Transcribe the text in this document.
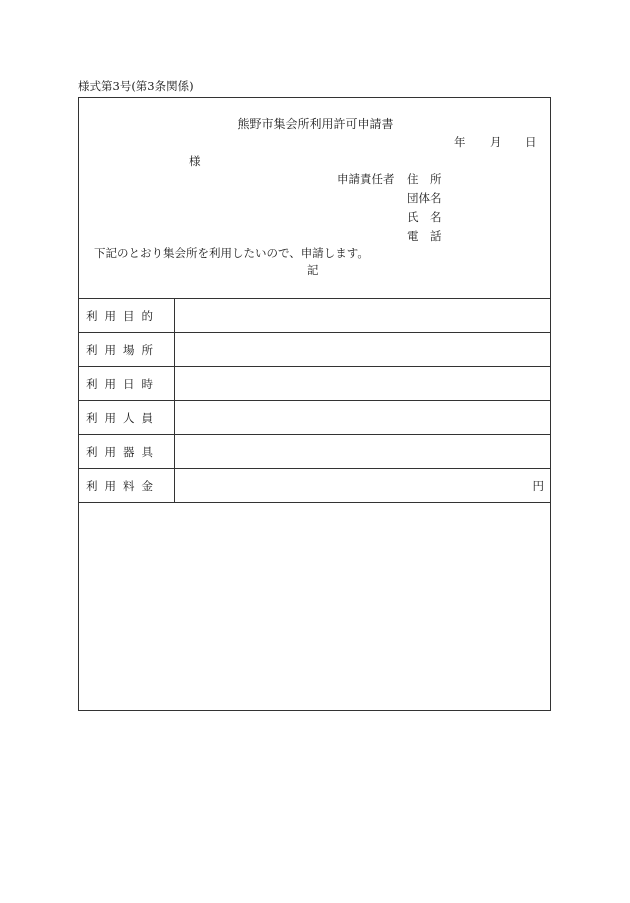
様式第3号(第3条関係)
熊野市集会所利用許可申請書
年 月 日
様
申請責任者 住　所
団体名
氏　名
電　話
下記のとおり集会所を利用したいので、申請します。
記
利 用 目 的	
利 用 場 所	
利 用 日 時	
利 用 人 員	
利 用 器 具	
利 用 料 金	円
